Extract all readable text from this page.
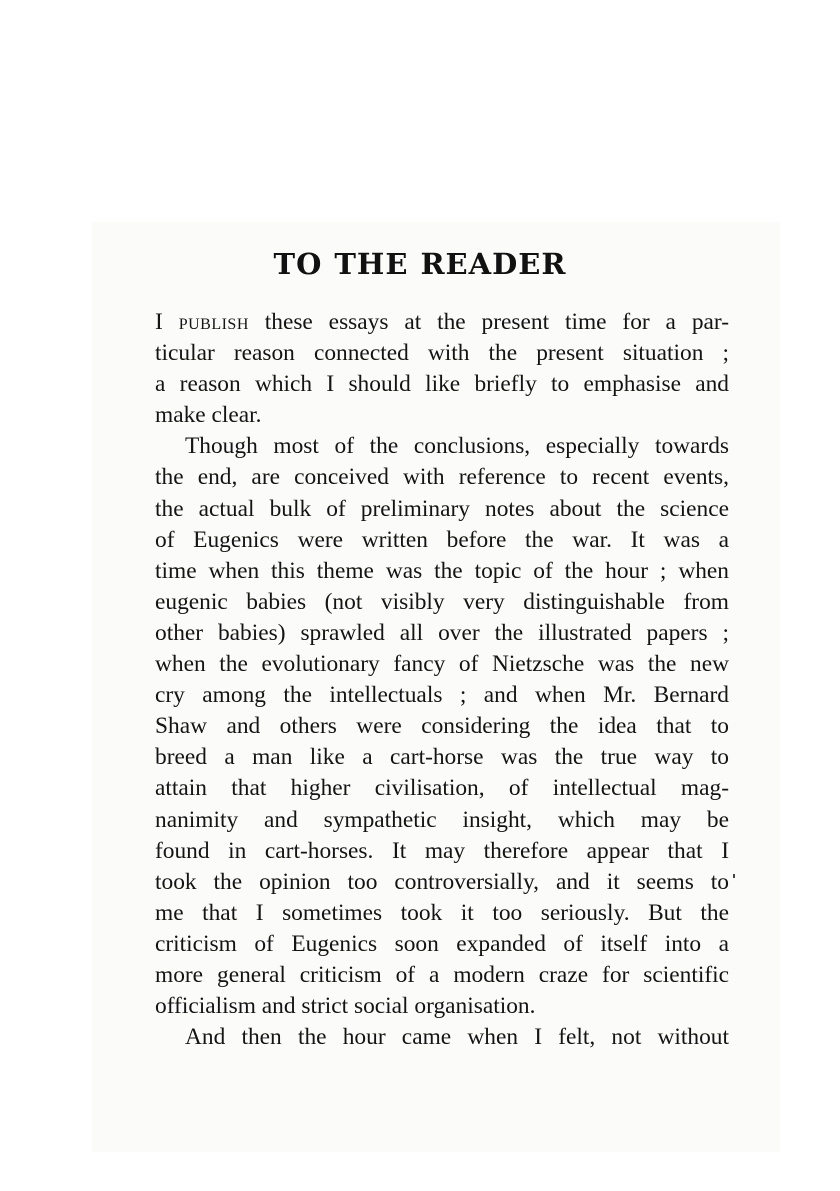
TO THE READER

I publish these essays at the present time for a par-
ticular reason connected with the present situation ;
a reason which I should like briefly to emphasise and
make clear.

Though most of the conclusions, especially towards
the end, are conceived with reference to recent events,
the actual bulk of preliminary notes about the science
of Eugenics were written before the war. It was a
time when this theme was the topic of the hour ; when
eugenic babies (not visibly very distinguishable from
other babies) sprawled all over the illustrated papers ;
when the evolutionary fancy of Nietzsche was the new
cry among the intellectuals ; and when Mr. Bernard
Shaw and others were considering the idea that to
breed a man like a cart-horse was the true way to
attain that higher civilisation, of intellectual mag-
nanimity and sympathetic insight, which may be
found in cart-horses. It may therefore appear that I
took the opinion too controversially, and it seems to
me that I sometimes took it too seriously. But the
criticism of Eugenics soon expanded of itself into a
more general criticism of a modern craze for scientific
officialism and strict social organisation.

And then the hour came when I felt, not without
